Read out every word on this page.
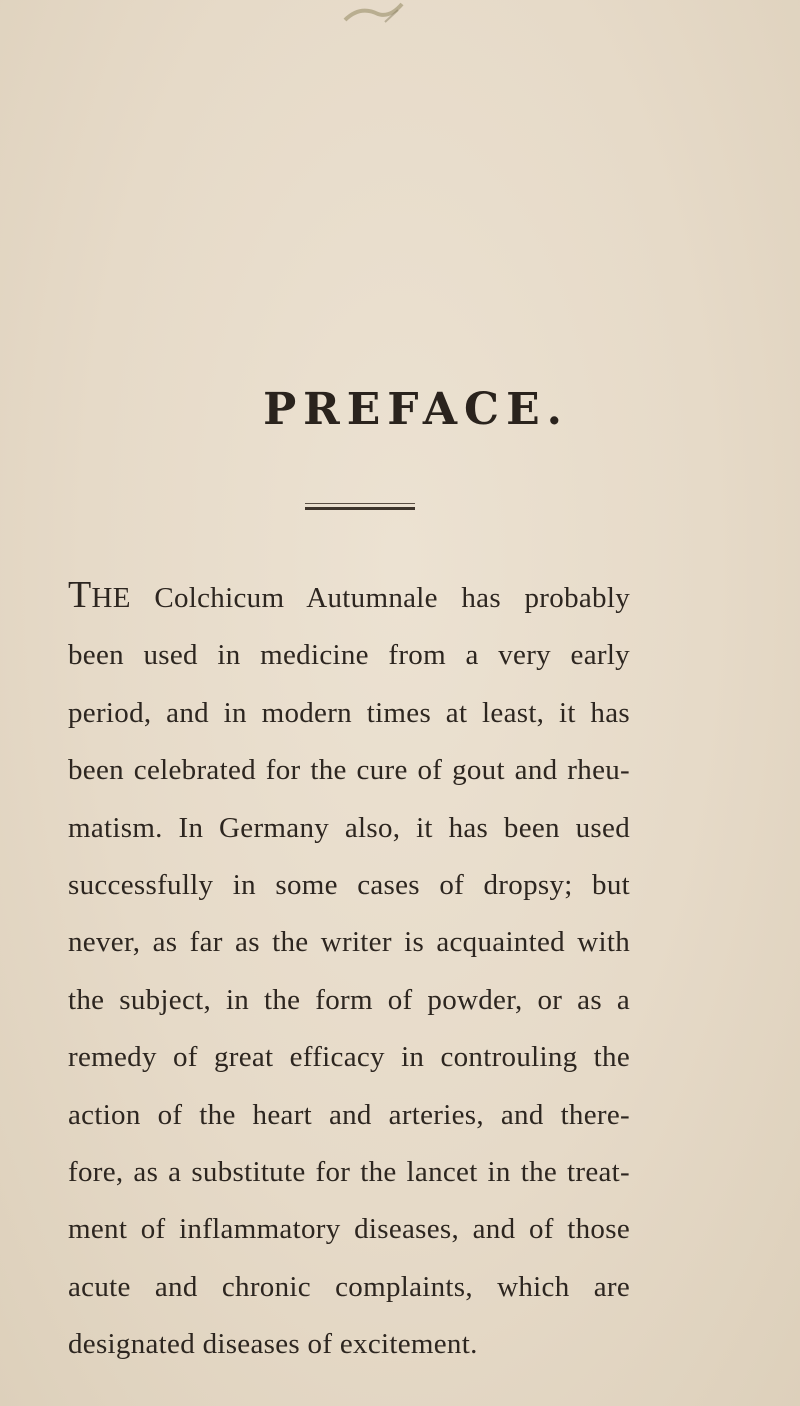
PREFACE.
THE Colchicum Autumnale has probably
been used in medicine from a very early
period, and in modern times at least, it has
been celebrated for the cure of gout and rheu-
matism. In Germany also, it has been used
successfully in some cases of dropsy; but
never, as far as the writer is acquainted with
the subject, in the form of powder, or as a
remedy of great efficacy in controuling the
action of the heart and arteries, and there-
fore, as a substitute for the lancet in the treat-
ment of inflammatory diseases, and of those
acute and chronic complaints, which are
designated diseases of excitement.
